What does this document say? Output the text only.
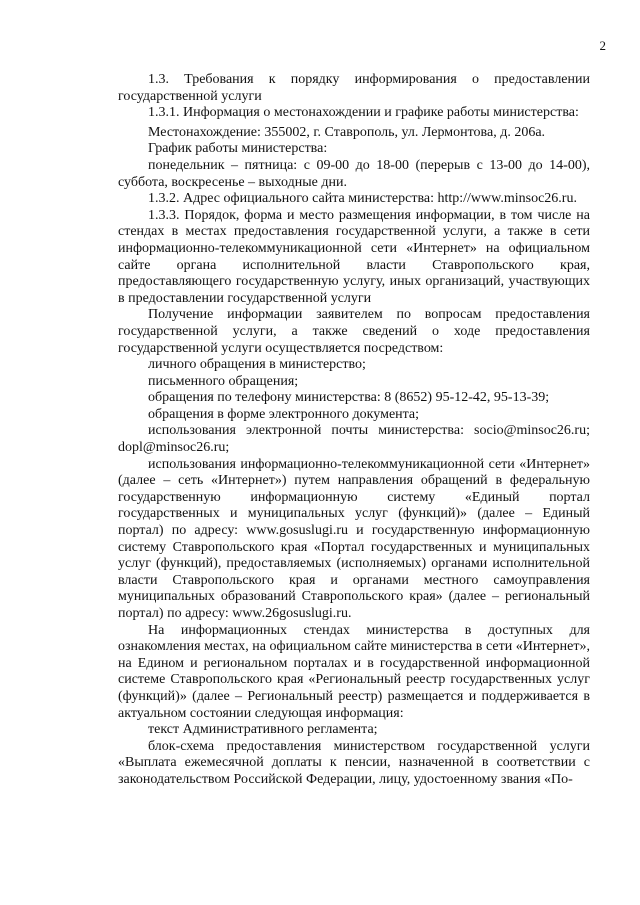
2

1.3. Требования к порядку информирования о предоставлении государственной услуги

1.3.1. Информация о местонахождении и графике работы министерства:

Местонахождение: 355002, г. Ставрополь, ул. Лермонтова, д. 206а.

График работы министерства:

понедельник – пятница: с 09-00 до 18-00 (перерыв с 13-00 до 14-00), суббота, воскресенье – выходные дни.

1.3.2. Адрес официального сайта министерства: http://www.minsoc26.ru.

1.3.3. Порядок, форма и место размещения информации, в том числе на стендах в местах предоставления государственной услуги, а также в сети информационно-телекоммуникационной сети «Интернет» на официальном сайте органа исполнительной власти Ставропольского края, предоставляющего государственную услугу, иных организаций, участвующих в предоставлении государственной услуги

Получение информации заявителем по вопросам предоставления государственной услуги, а также сведений о ходе предоставления государственной услуги осуществляется посредством:

личного обращения в министерство;

письменного обращения;

обращения по телефону министерства: 8 (8652) 95-12-42, 95-13-39;

обращения в форме электронного документа;

использования электронной почты министерства: socio@minsoc26.ru; dopl@minsoc26.ru;

использования информационно-телекоммуникационной сети «Интернет» (далее – сеть «Интернет») путем направления обращений в федеральную государственную информационную систему «Единый портал государственных и муниципальных услуг (функций)» (далее – Единый портал) по адресу: www.gosuslugi.ru и государственную информационную систему Ставропольского края «Портал государственных и муниципальных услуг (функций), предоставляемых (исполняемых) органами исполнительной власти Ставропольского края и органами местного самоуправления муниципальных образований Ставропольского края» (далее – региональный портал) по адресу: www.26gosuslugi.ru.

На информационных стендах министерства в доступных для ознакомления местах, на официальном сайте министерства в сети «Интернет», на Едином и региональном порталах и в государственной информационной системе Ставропольского края «Региональный реестр государственных услуг (функций)» (далее – Региональный реестр) размещается и поддерживается в актуальном состоянии следующая информация:

текст Административного регламента;

блок-схема предоставления министерством государственной услуги «Выплата ежемесячной доплаты к пенсии, назначенной в соответствии с законодательством Российской Федерации, лицу, удостоенному звания «По-
